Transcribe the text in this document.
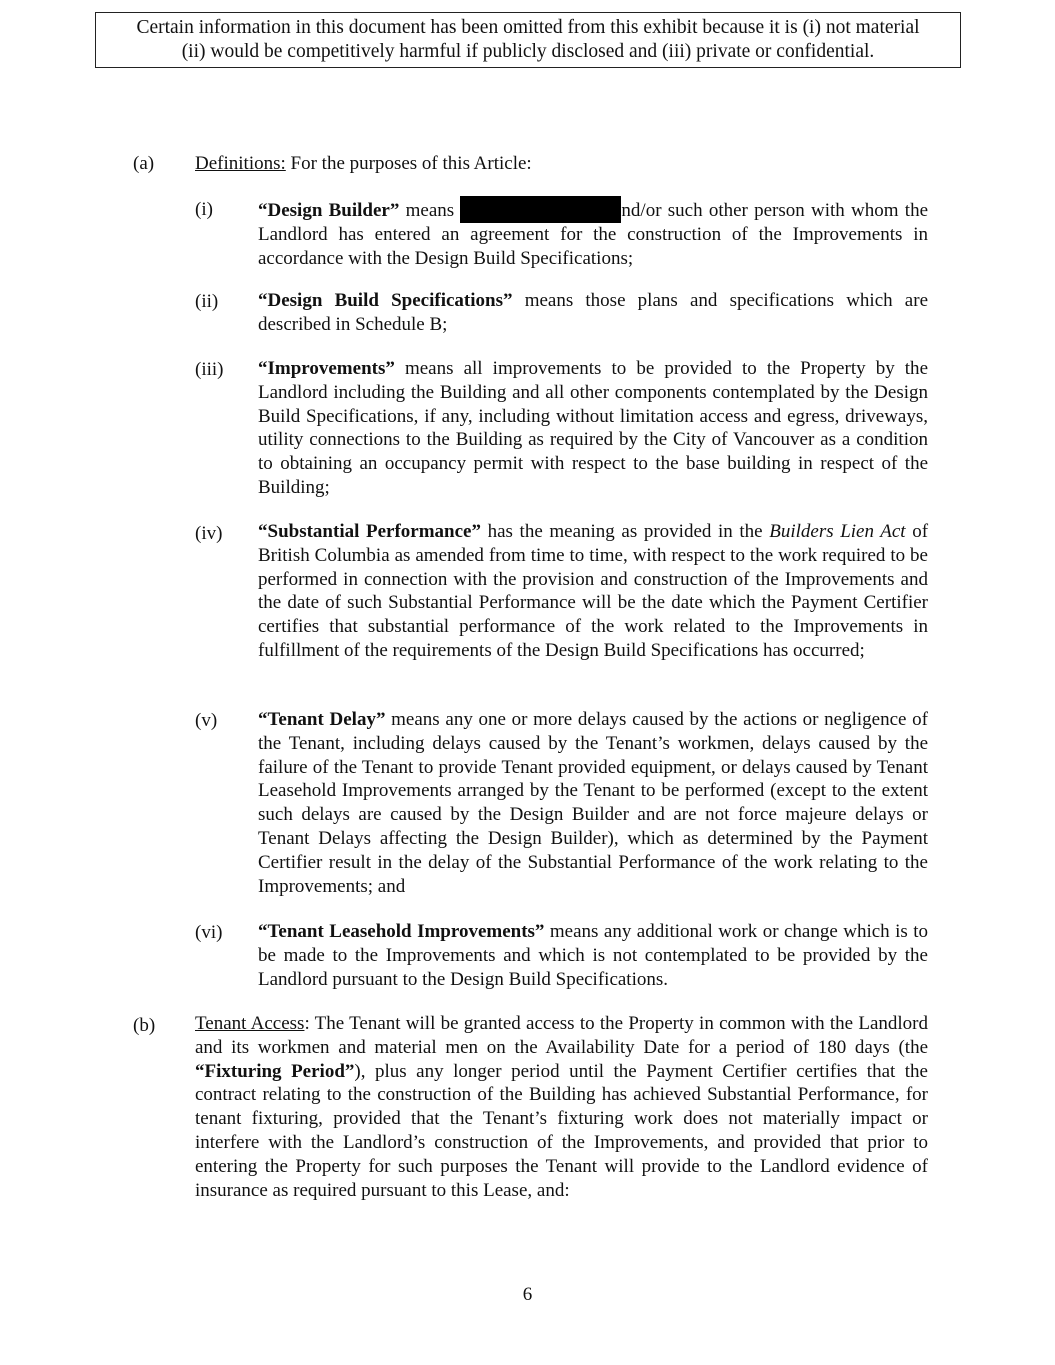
Certain information in this document has been omitted from this exhibit because it is (i) not material
(ii) would be competitively harmful if publicly disclosed and (iii) private or confidential.
(a) Definitions: For the purposes of this Article:
(i) “Design Builder” means	nd/or such other person with whom the Landlord has entered an agreement for the construction of the Improvements in accordance with the Design Build Specifications;
(ii) “Design Build Specifications” means those plans and specifications which are described in Schedule B;
(iii) “Improvements” means all improvements to be provided to the Property by the Landlord including the Building and all other components contemplated by the Design Build Specifications, if any, including without limitation access and egress, driveways, utility connections to the Building as required by the City of Vancouver as a condition to obtaining an occupancy permit with respect to the base building in respect of the Building;
(iv) “Substantial Performance” has the meaning as provided in the Builders Lien Act of British Columbia as amended from time to time, with respect to the work required to be performed in connection with the provision and construction of the Improvements and the date of such Substantial Performance will be the date which the Payment Certifier certifies that substantial performance of the work related to the Improvements in fulfillment of the requirements of the Design Build Specifications has occurred;
(v) “Tenant Delay” means any one or more delays caused by the actions or negligence of the Tenant, including delays caused by the Tenant’s workmen, delays caused by the failure of the Tenant to provide Tenant provided equipment, or delays caused by Tenant Leasehold Improvements arranged by the Tenant to be performed (except to the extent such delays are caused by the Design Builder and are not force majeure delays or Tenant Delays affecting the Design Builder), which as determined by the Payment Certifier result in the delay of the Substantial Performance of the work relating to the Improvements; and
(vi) “Tenant Leasehold Improvements” means any additional work or change which is to be made to the Improvements and which is not contemplated to be provided by the Landlord pursuant to the Design Build Specifications.
(b) Tenant Access: The Tenant will be granted access to the Property in common with the Landlord and its workmen and material men on the Availability Date for a period of 180 days (the “Fixturing Period”), plus any longer period until the Payment Certifier certifies that the contract relating to the construction of the Building has achieved Substantial Performance, for tenant fixturing, provided that the Tenant’s fixturing work does not materially impact or interfere with the Landlord’s construction of the Improvements, and provided that prior to entering the Property for such purposes the Tenant will provide to the Landlord evidence of insurance as required pursuant to this Lease, and:
6
